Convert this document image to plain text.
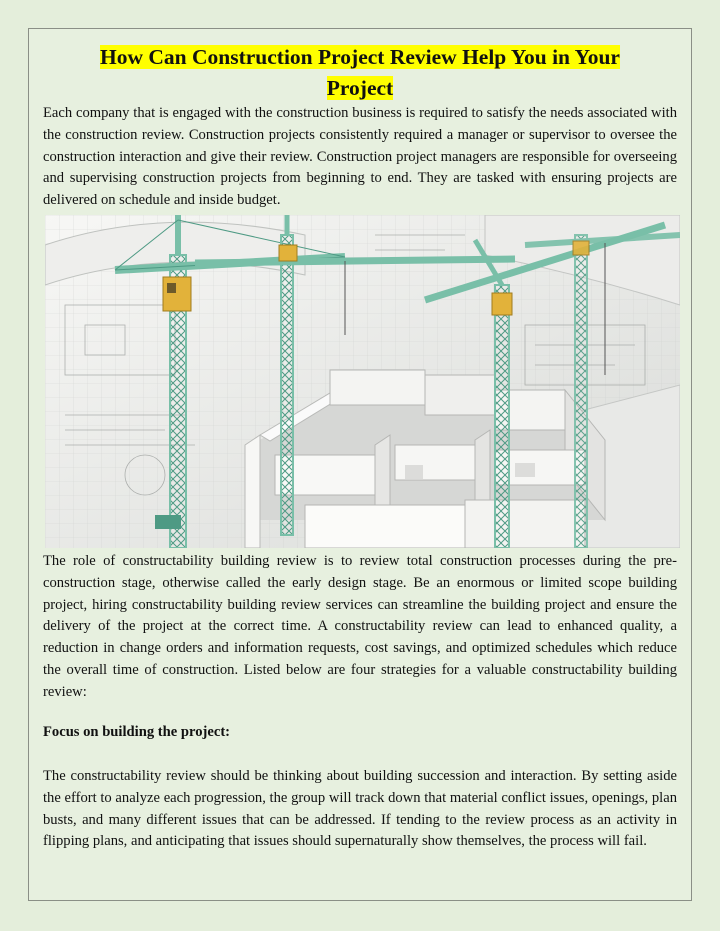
How Can Construction Project Review Help You in Your Project

Each company that is engaged with the construction business is required to satisfy the needs associated with the construction review. Construction projects consistently required a manager or supervisor to oversee the construction interaction and give their review. Construction project managers are responsible for overseeing and supervising construction projects from beginning to end. They are tasked with ensuring projects are delivered on schedule and inside budget.

The role of constructability building review is to review total construction processes during the pre-construction stage, otherwise called the early design stage. Be an enormous or limited scope building project, hiring constructability building review services can streamline the building project and ensure the delivery of the project at the correct time. A constructability review can lead to enhanced quality, a reduction in change orders and information requests, cost savings, and optimized schedules which reduce the overall time of construction. Listed below are four strategies for a valuable constructability building review:

Focus on building the project:

The constructability review should be thinking about building succession and interaction. By setting aside the effort to analyze each progression, the group will track down that material conflict issues, openings, plan busts, and many different issues that can be addressed. If tending to the review process as an activity in flipping plans, and anticipating that issues should supernaturally show themselves, the process will fail.
